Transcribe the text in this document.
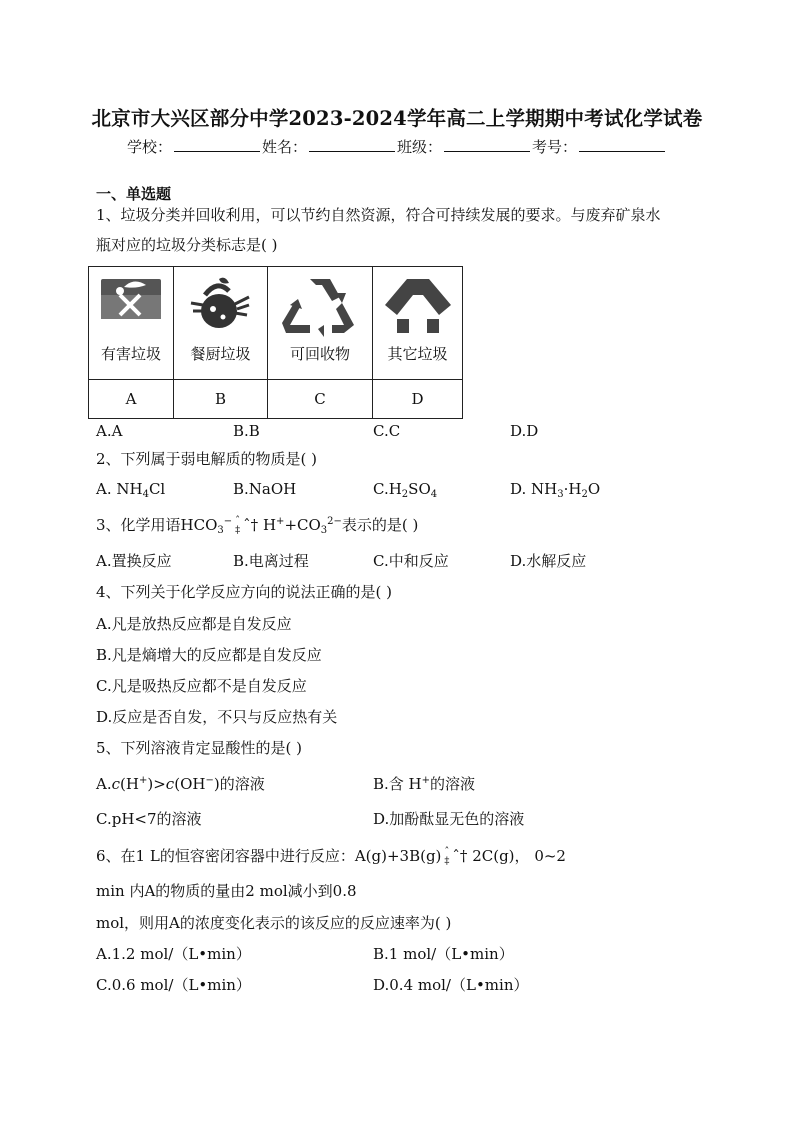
北京市大兴区部分中学2023-2024学年高二上学期期中考试化学试卷
学校：	姓名：	班级：	考号：
一、单选题
1、垃圾分类并回收利用，可以节约自然资源，符合可持续发展的要求。与废弃矿泉水
瓶对应的垃圾分类标志是( )
有害垃圾	餐厨垃圾	可回收物	其它垃圾

A	B	C	D
A.A	B.B	C.C	D.D
2、下列属于弱电解质的物质是( )
A. $NH_4Cl$	B.NaOH	$C.H_2SO_4$	D. $NH_3\cdot H_2O$
3、化学用语$HCO_3^-$ ˆ
‡ ˆ† $H^++CO_3^{2-}$表示的是( )
A.置换反应	B.电离过程	C.中和反应	D.水解反应
4、下列关于化学反应方向的说法正确的是( )
A.凡是放热反应都是自发反应
B.凡是熵增大的反应都是自发反应
C.凡是吸热反应都不是自发反应
D.反应是否自发，不只与反应热有关
5、下列溶液肯定显酸性的是( )
A.c(H+)>c(OH−)的溶液	B.含 H+的溶液
C.pH<7的溶液	D.加酚酞显无色的溶液
6、在1 L的恒容密闭容器中进行反应：A(g)+3B(g) ˆ
‡ ˆ† 2C(g)， 0~2
min 内A的物质的量由2 mol减小到0.8
mol，则用A的浓度变化表示的该反应的反应速率为( )
A.1.2 mol/（L•min）	B.1 mol/（L•min）
C.0.6 mol/（L•min）	D.0.4 mol/（L•min）
